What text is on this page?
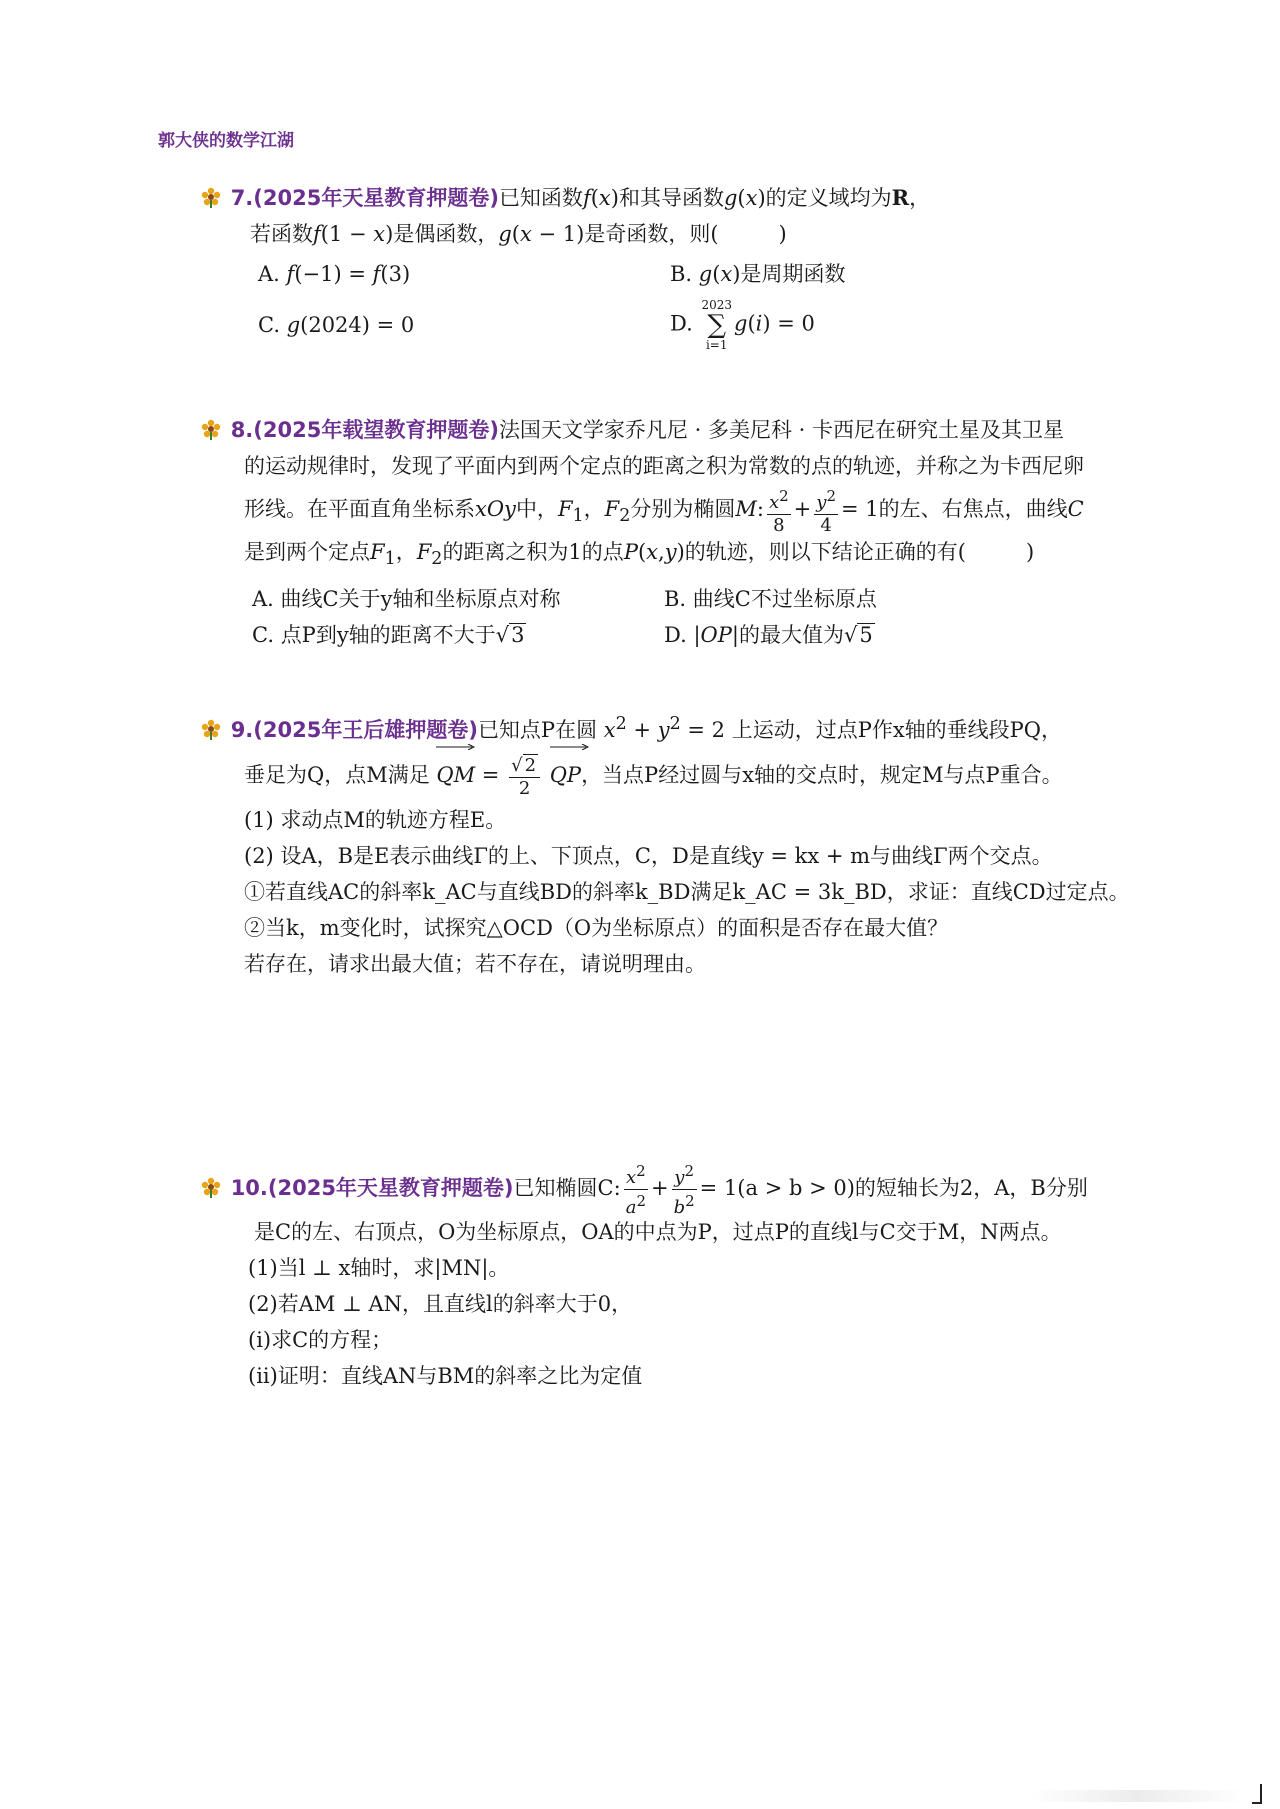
郭大侠的数学江湖
7.(2025年天星教育押题卷)已知函数f(x)和其导函数g(x)的定义域均为R，
若函数f(1 − x)是偶函数，g(x − 1)是奇函数，则(	)
A. f(−1) = f(3)	B. g(x)是周期函数
C. g(2024) = 0	D.
2023
∑
i=1
g(i) = 0
8.(2025年载望教育押题卷)法国天文学家乔凡尼 · 多美尼科 · 卡西尼在研究土星及其卫星
的运动规律时，发现了平面内到两个定点的距离之积为常数的点的轨迹，并称之为卡西尼卵
形线。在平面直角坐标系xOy中，$F_1$，$F_2$分别为椭圆M: $\frac{x^2}{8} + \frac{y^2}{4} = 1$的左、右焦点，曲线C
是到两个定点$F_1$，$F_2$的距离之积为1的点P(x,y)的轨迹，则以下结论正确的有(	)
A. 曲线C关于y轴和坐标原点对称	B. 曲线C不过坐标原点
C. 点P到y轴的距离不大于√3	D. |OP|的最大值为√5
9.(2025年王后雄押题卷)已知点P在圆 $x^2 + y^2 = 2$ 上运动，过点P作x轴的垂线段PQ，
垂足为Q，点M满足 QM
= $\frac{√ 2}{2}$ QP
，当点P经过圆与x轴的交点时，规定M与点P重合。
(1) 求动点M的轨迹方程E。
(2) 设A，B是E表示曲线Γ的上、下顶点，C，D是直线y = kx + m与曲线Γ两个交点。
①若直线AC的斜率k_AC与直线BD的斜率k_BD满足k_AC = 3k_BD，求证：直线CD过定点。
②当k，m变化时，试探究△OCD（O为坐标原点）的面积是否存在最大值？
若存在，请求出最大值；若不存在，请说明理由。
10.(2025年天星教育押题卷)已知椭圆C: $\frac{x^2}{a^2} + \frac{y^2}{b^2} = 1(a > b > 0)$的短轴长为2，A，B分别
是C的左、右顶点，O为坐标原点，OA的中点为P，过点P的直线l与C交于M，N两点。
(1)当l ⊥ x轴时，求|MN|。
(2)若AM ⊥ AN，且直线l的斜率大于0，
(i)求C的方程；
(ii)证明：直线AN与BM的斜率之比为定值
